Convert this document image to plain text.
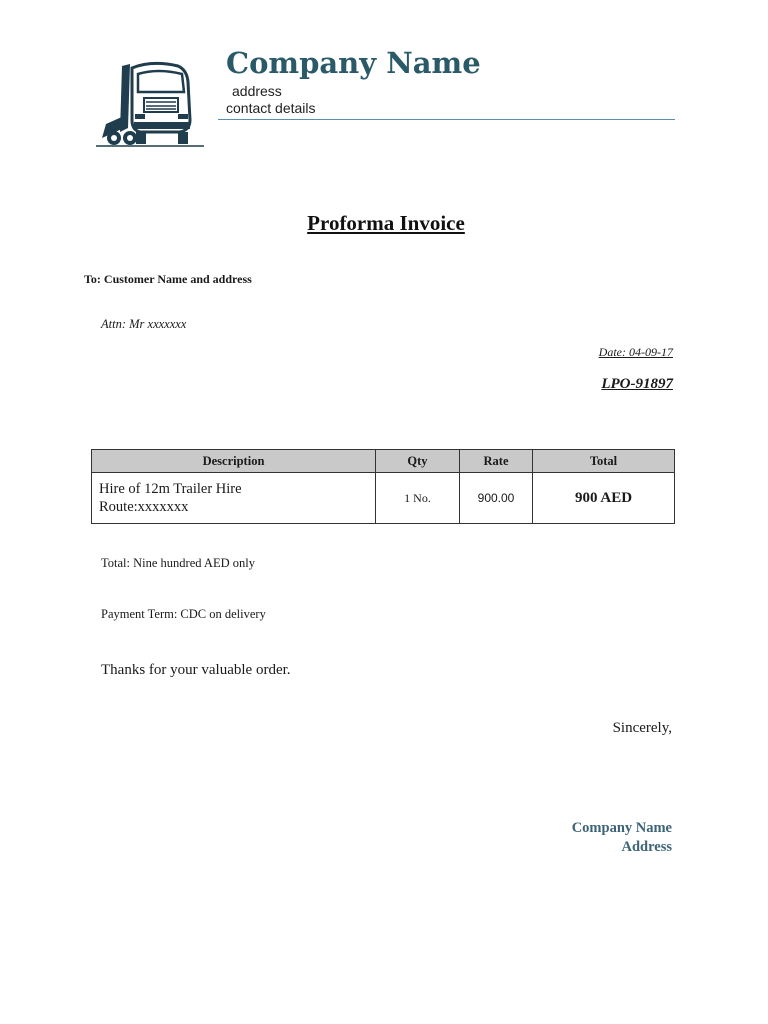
Company Name
address
contact details
Proforma Invoice
To: Customer Name and address
Attn: Mr xxxxxxx
Date: 04-09-17
LPO-91897
Description	Qty	Rate	Total

Hire of 12m Trailer Hire
Route:xxxxxxx	1 No.	900.00	900 AED
Total: Nine hundred AED only
Payment Term: CDC on delivery
Thanks for your valuable order.
Sincerely,
Company Name
Address
